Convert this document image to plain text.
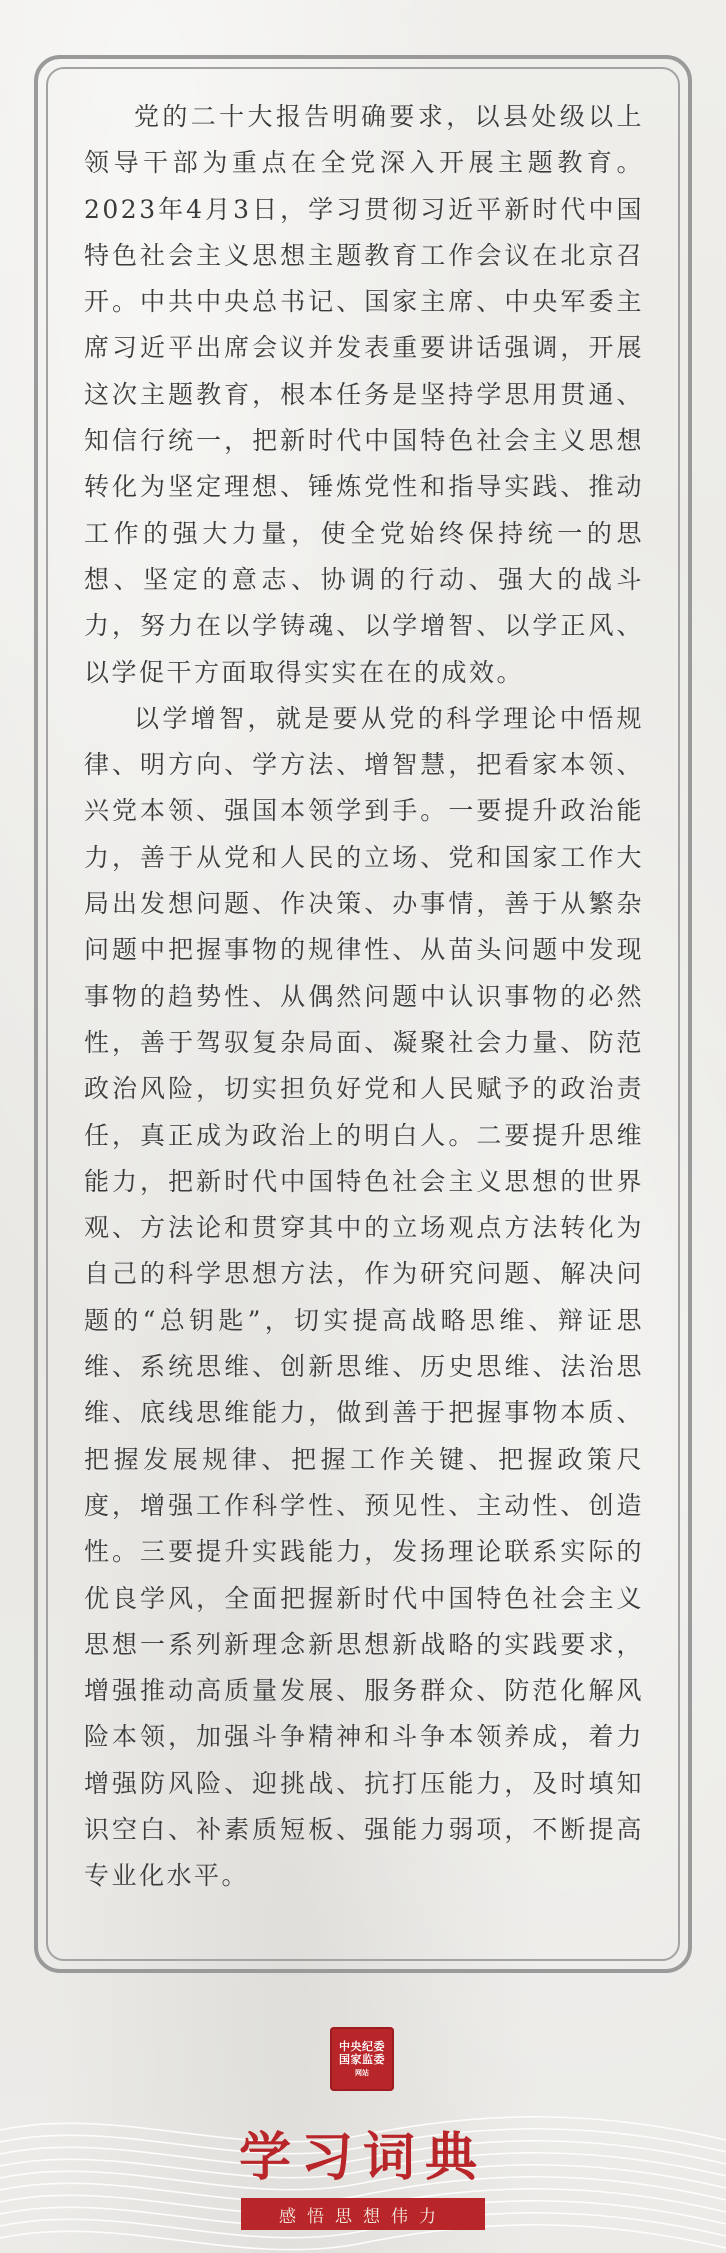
党的二十大报告明确要求，以县处级以上领导干部为重点在全党深入开展主题教育。2023年4月3日，学习贯彻习近平新时代中国特色社会主义思想主题教育工作会议在北京召开。中共中央总书记、国家主席、中央军委主席习近平出席会议并发表重要讲话强调，开展这次主题教育，根本任务是坚持学思用贯通、知信行统一，把新时代中国特色社会主义思想转化为坚定理想、锤炼党性和指导实践、推动工作的强大力量，使全党始终保持统一的思想、坚定的意志、协调的行动、强大的战斗力，努力在以学铸魂、以学增智、以学正风、以学促干方面取得实实在在的成效。

以学增智，就是要从党的科学理论中悟规律、明方向、学方法、增智慧，把看家本领、兴党本领、强国本领学到手。一要提升政治能力，善于从党和人民的立场、党和国家工作大局出发想问题、作决策、办事情，善于从繁杂问题中把握事物的规律性、从苗头问题中发现事物的趋势性、从偶然问题中认识事物的必然性，善于驾驭复杂局面、凝聚社会力量、防范政治风险，切实担负好党和人民赋予的政治责任，真正成为政治上的明白人。二要提升思维能力，把新时代中国特色社会主义思想的世界观、方法论和贯穿其中的立场观点方法转化为自己的科学思想方法，作为研究问题、解决问题的“总钥匙”，切实提高战略思维、辩证思维、系统思维、创新思维、历史思维、法治思维、底线思维能力，做到善于把握事物本质、把握发展规律、把握工作关键、把握政策尺度，增强工作科学性、预见性、主动性、创造性。三要提升实践能力，发扬理论联系实际的优良学风，全面把握新时代中国特色社会主义思想一系列新理念新思想新战略的实践要求，增强推动高质量发展、服务群众、防范化解风险本领，加强斗争精神和斗争本领养成，着力增强防风险、迎挑战、抗打压能力，及时填知识空白、补素质短板、强能力弱项，不断提高专业化水平。

中央纪委
国家监委
网站
学习词典
感悟思想伟力
